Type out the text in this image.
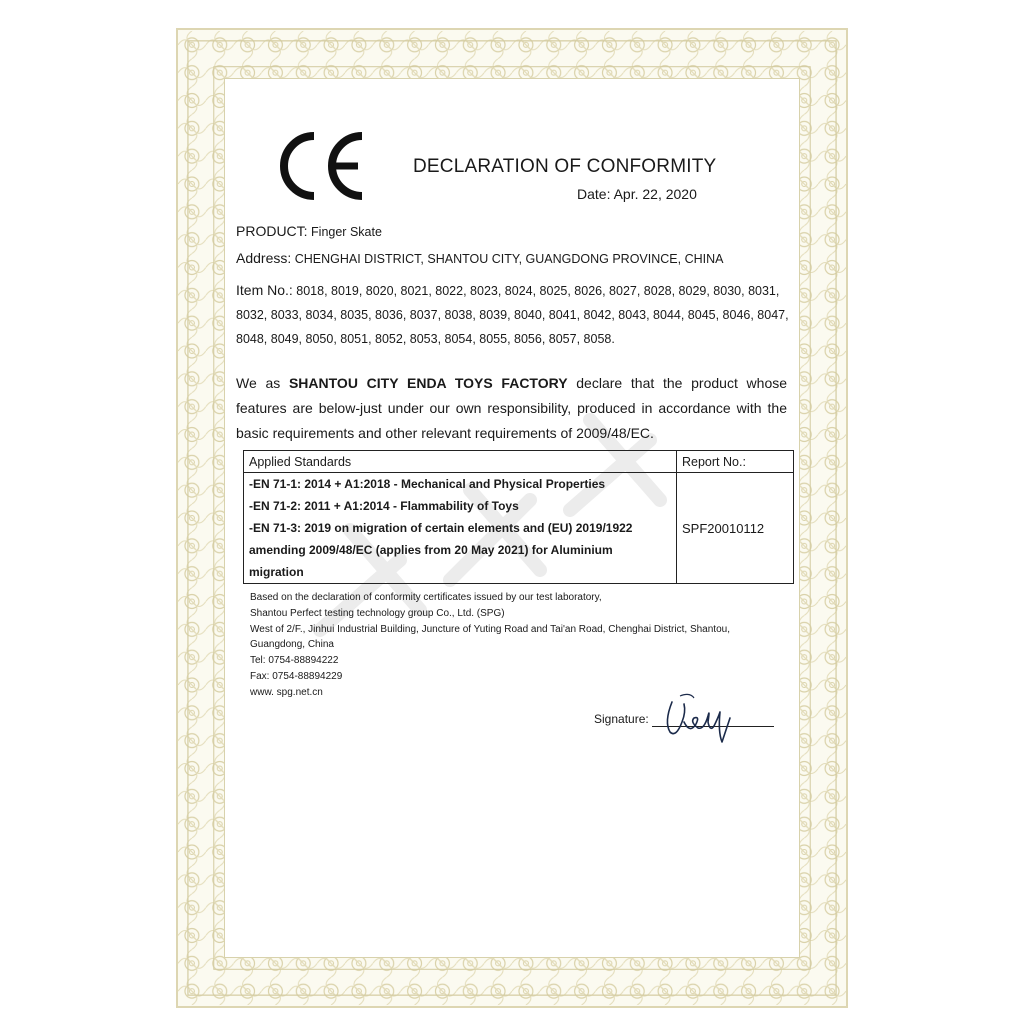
DECLARATION OF CONFORMITY
Date: Apr. 22, 2020
PRODUCT: Finger Skate
Address: CHENGHAI DISTRICT, SHANTOU CITY, GUANGDONG PROVINCE, CHINA
Item No.: 8018, 8019, 8020, 8021, 8022, 8023, 8024, 8025, 8026, 8027, 8028, 8029, 8030, 8031, 8032, 8033, 8034, 8035, 8036, 8037, 8038, 8039, 8040, 8041, 8042, 8043, 8044, 8045, 8046, 8047, 8048, 8049, 8050, 8051, 8052, 8053, 8054, 8055, 8056, 8057, 8058.
We as SHANTOU CITY ENDA TOYS FACTORY declare that the product whose features are below-just under our own responsibility, produced in accordance with the basic requirements and other relevant requirements of 2009/48/EC.
Applied Standards	Report No.:

-EN 71-1: 2014 + A1:2018 - Mechanical and Physical Properties
-EN 71-2: 2011 + A1:2014 - Flammability of Toys
-EN 71-3: 2019 on migration of certain elements and (EU) 2019/1922
amending 2009/48/EC (applies from 20 May 2021) for Aluminium
migration	SPF20010112
Based on the declaration of conformity certificates issued by our test laboratory,
Shantou Perfect testing technology group Co., Ltd. (SPG)
West of 2/F., Jinhui Industrial Building, Juncture of Yuting Road and Tai'an Road, Chenghai District, Shantou,
Guangdong, China
Tel: 0754-88894222
Fax: 0754-88894229
www. spg.net.cn
Signature:
